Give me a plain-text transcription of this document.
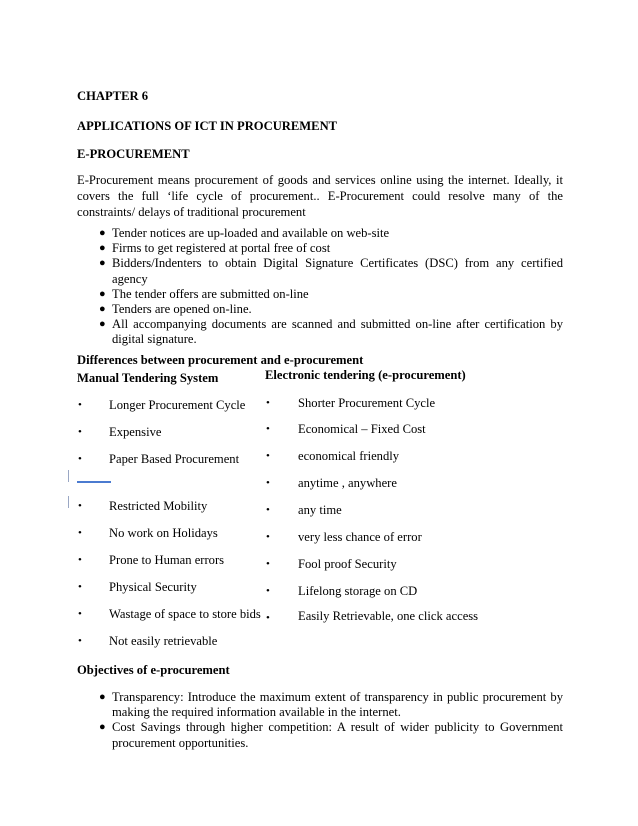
CHAPTER 6
APPLICATIONS OF ICT IN PROCUREMENT
E-PROCUREMENT
E-Procurement means procurement of goods and services online using the internet. Ideally, it covers the full ‘life cycle of procurement.. E-Procurement could resolve many of the constraints/ delays of traditional procurement
● Tender notices are up-loaded and available on web-site
● Firms to get registered at portal free of cost
● Bidders/Indenters to obtain Digital Signature Certificates (DSC) from any certified agency
● The tender offers are submitted on-line
● Tenders are opened on-line.
● All accompanying documents are scanned and submitted on-line after certification by digital signature.
Differences between procurement and e-procurement
Manual Tendering System	Electronic tendering (e-procurement)
• Longer Procurement Cycle
• Expensive
• Paper Based Procurement
• Restricted Mobility
• No work on Holidays
• Prone to Human errors
• Physical Security
• Wastage of space to store bids
• Not easily retrievable
• Shorter Procurement Cycle
• Economical – Fixed Cost
• economical friendly
• anytime , anywhere
• any time
• very less chance of error
• Fool proof Security
• Lifelong storage on CD
• Easily Retrievable, one click access
Objectives of e-procurement
● Transparency: Introduce the maximum extent of transparency in public procurement by making the required information available in the internet.
● Cost Savings through higher competition: A result of wider publicity to Government procurement opportunities.
